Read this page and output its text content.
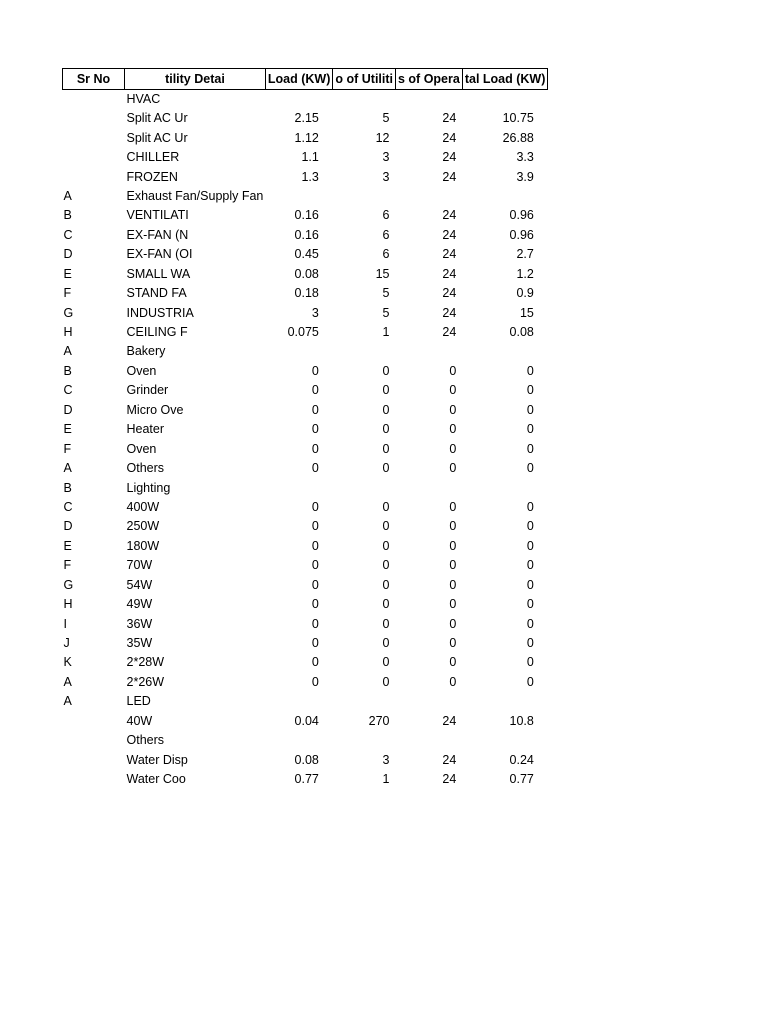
Sr No	tility Detai	Load (KW)	o of Utiliti	s of Opera	tal Load (KW)
	HVAC				
	Split AC Ur	2.15	5	24	10.75
	Split AC Ur	1.12	12	24	26.88
	CHILLER	1.1	3	24	3.3
	FROZEN	1.3	3	24	3.9
A	Exhaust Fan/Supply Fan				
B	VENTILATI	0.16	6	24	0.96
C	EX-FAN (N	0.16	6	24	0.96
D	EX-FAN (OI	0.45	6	24	2.7
E	SMALL WA	0.08	15	24	1.2
F	STAND FA	0.18	5	24	0.9
G	INDUSTRIA	3	5	24	15
H	CEILING F	0.075	1	24	0.08
A	Bakery				
B	Oven	0	0	0	0
C	Grinder	0	0	0	0
D	Micro Ove	0	0	0	0
E	Heater	0	0	0	0
F	Oven	0	0	0	0
A	Others	0	0	0	0
B	Lighting				
C	400W	0	0	0	0
D	250W	0	0	0	0
E	180W	0	0	0	0
F	70W	0	0	0	0
G	54W	0	0	0	0
H	49W	0	0	0	0
I	36W	0	0	0	0
J	35W	0	0	0	0
K	2*28W	0	0	0	0
A	2*26W	0	0	0	0
A	LED				
	40W	0.04	270	24	10.8
	Others				
	Water Disp	0.08	3	24	0.24
	Water Coo	0.77	1	24	0.77
